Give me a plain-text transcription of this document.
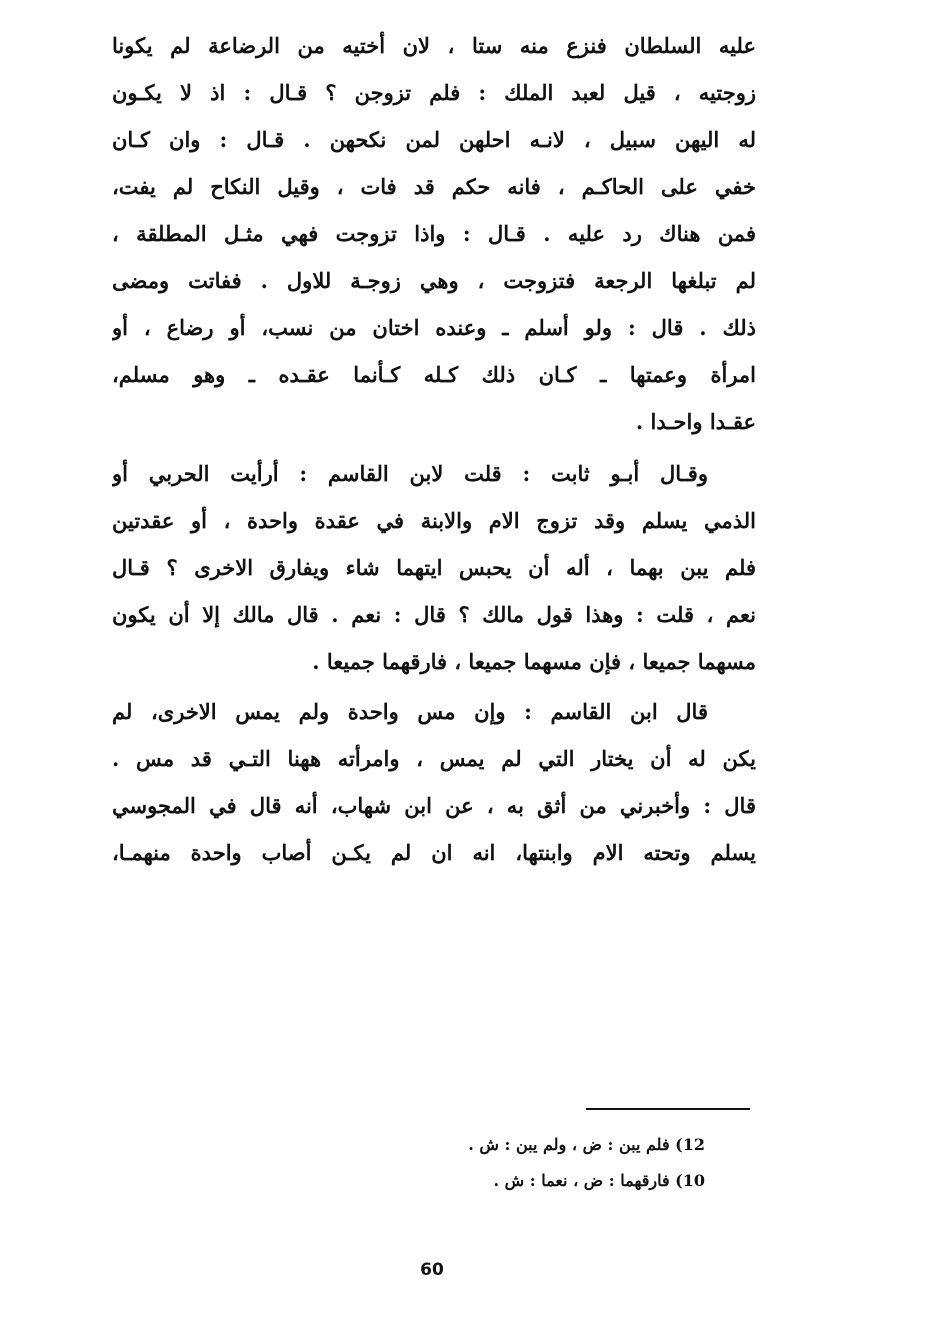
عليه السلطان فنزع منه ستا ، لان أختيه من الرضاعة لم يكونا
زوجتيه ، قيل لعبد الملك : فلم تزوجن ؟ قـال : اذ لا يكـون
له اليهن سبيل ، لانـه احلهن لمن نكحهن . قـال : وان كـان
خفي على الحاكـم ، فانه حكم قد فات ، وقيل النكاح لم يفت،
فمن هناك رد عليه . قـال : واذا تزوجت فهي مثـل المطلقة ،
لم تبلغها الرجعة فتزوجت ، وهي زوجـة للاول . ففاتت ومضى
ذلك . قال : ولو أسلم ـ وعنده اختان من نسب، أو رضاع ، أو
امرأة وعمتها ـ كـان ذلك كـله كـأنما عقـده ـ وهو مسلم،
عقـدا واحـدا .
وقـال أبـو ثابت : قلت لابن القاسم : أرأيت الحربي أو
الذمي يسلم وقد تزوج الام والابنة في عقدة واحدة ، أو عقدتين
فلم يبن بهما ، أله أن يحبس ايتهما شاء ويفارق الاخرى ؟ قـال
نعم ، قلت : وهذا قول مالك ؟ قال : نعم . قال مالك إلا أن يكون
مسهما جميعا ، فإن مسهما جميعا ، فارقهما جميعا .
قال ابن القاسم : وإن مس واحدة ولم يمس الاخرى، لم
يكن له أن يختار التي لم يمس ، وامرأته ههنا التـي قد مس .
قال : وأخبرني من أثق به ، عن ابن شهاب، أنه قال في المجوسي
يسلم وتحته الام وابنتها، انه ان لم يكـن أصاب واحدة منهمـا،
12) فلم يبن : ض ، ولم يبن : ش .
10) فارقهما : ض ، نعما : ش .
60
